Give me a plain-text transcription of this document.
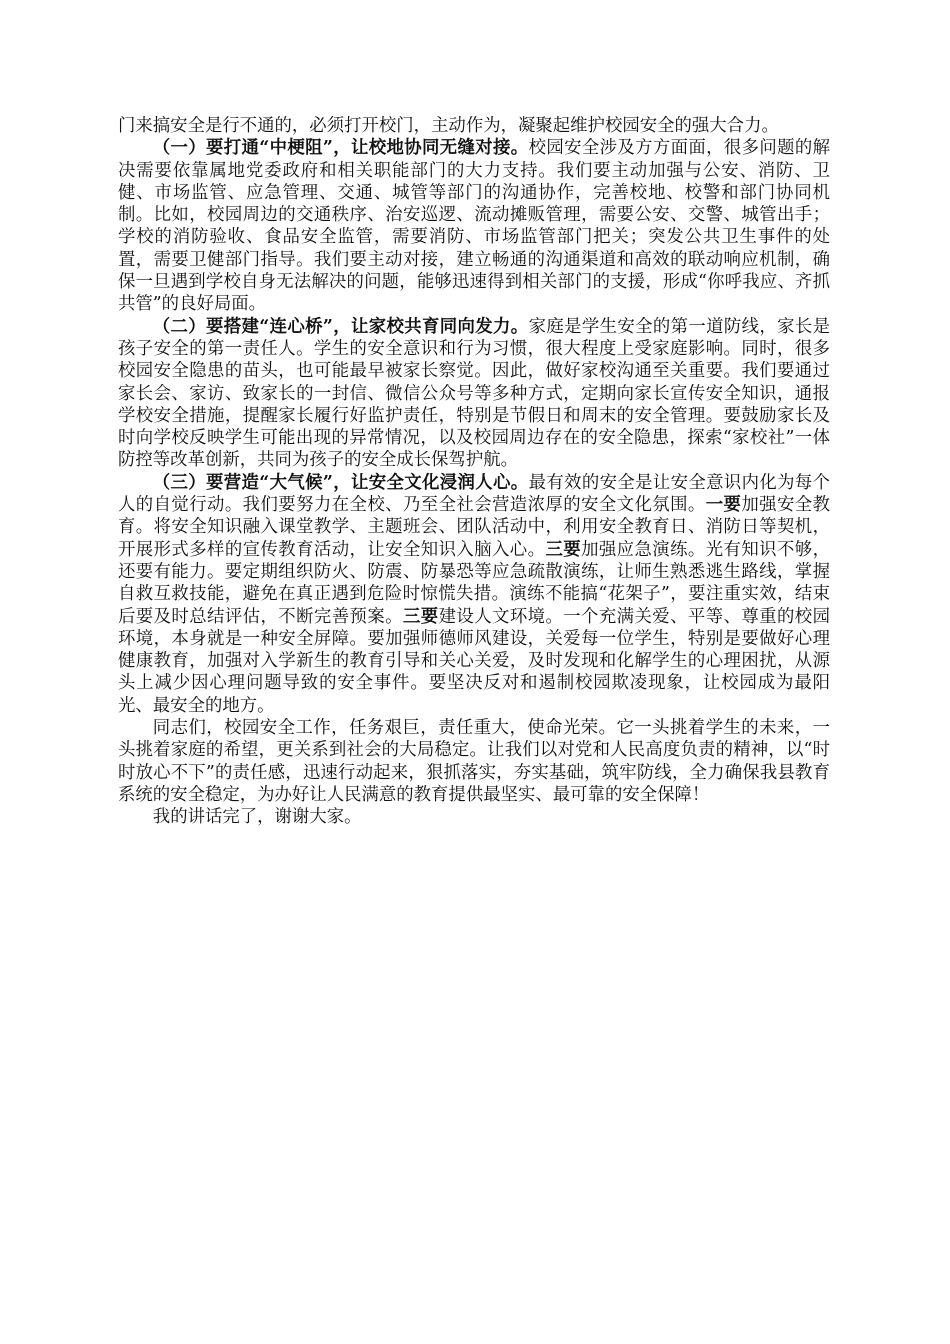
门来搞安全是行不通的，必须打开校门，主动作为，凝聚起维护校园安全的强大合力。

（一）要打通“中梗阻”，让校地协同无缝对接。校园安全涉及方方面面，很多问题的解决需要依靠属地党委政府和相关职能部门的大力支持。我们要主动加强与公安、消防、卫健、市场监管、应急管理、交通、城管等部门的沟通协作，完善校地、校警和部门协同机制。比如，校园周边的交通秩序、治安巡逻、流动摊贩管理，需要公安、交警、城管出手；学校的消防验收、食品安全监管，需要消防、市场监管部门把关；突发公共卫生事件的处置，需要卫健部门指导。我们要主动对接，建立畅通的沟通渠道和高效的联动响应机制，确保一旦遇到学校自身无法解决的问题，能够迅速得到相关部门的支援，形成“你呼我应、齐抓共管”的良好局面。

（二）要搭建“连心桥”，让家校共育同向发力。家庭是学生安全的第一道防线，家长是孩子安全的第一责任人。学生的安全意识和行为习惯，很大程度上受家庭影响。同时，很多校园安全隐患的苗头，也可能最早被家长察觉。因此，做好家校沟通至关重要。我们要通过家长会、家访、致家长的一封信、微信公众号等多种方式，定期向家长宣传安全知识，通报学校安全措施，提醒家长履行好监护责任，特别是节假日和周末的安全管理。要鼓励家长及时向学校反映学生可能出现的异常情况，以及校园周边存在的安全隐患，探索“家校社”一体防控等改革创新，共同为孩子的安全成长保驾护航。

（三）要营造“大气候”，让安全文化浸润人心。最有效的安全是让安全意识内化为每个人的自觉行动。我们要努力在全校、乃至全社会营造浓厚的安全文化氛围。一要加强安全教育。将安全知识融入课堂教学、主题班会、团队活动中，利用安全教育日、消防日等契机，开展形式多样的宣传教育活动，让安全知识入脑入心。三要加强应急演练。光有知识不够，还要有能力。要定期组织防火、防震、防暴恐等应急疏散演练，让师生熟悉逃生路线，掌握自救互救技能，避免在真正遇到危险时惊慌失措。演练不能搞“花架子”，要注重实效，结束后要及时总结评估，不断完善预案。三要建设人文环境。一个充满关爱、平等、尊重的校园环境，本身就是一种安全屏障。要加强师德师风建设，关爱每一位学生，特别是要做好心理健康教育，加强对入学新生的教育引导和关心关爱，及时发现和化解学生的心理困扰，从源头上减少因心理问题导致的安全事件。要坚决反对和遏制校园欺凌现象，让校园成为最阳光、最安全的地方。

同志们，校园安全工作，任务艰巨，责任重大，使命光荣。它一头挑着学生的未来，一头挑着家庭的希望，更关系到社会的大局稳定。让我们以对党和人民高度负责的精神，以“时时放心不下”的责任感，迅速行动起来，狠抓落实，夯实基础，筑牢防线，全力确保我县教育系统的安全稳定，为办好让人民满意的教育提供最坚实、最可靠的安全保障！

我的讲话完了，谢谢大家。
